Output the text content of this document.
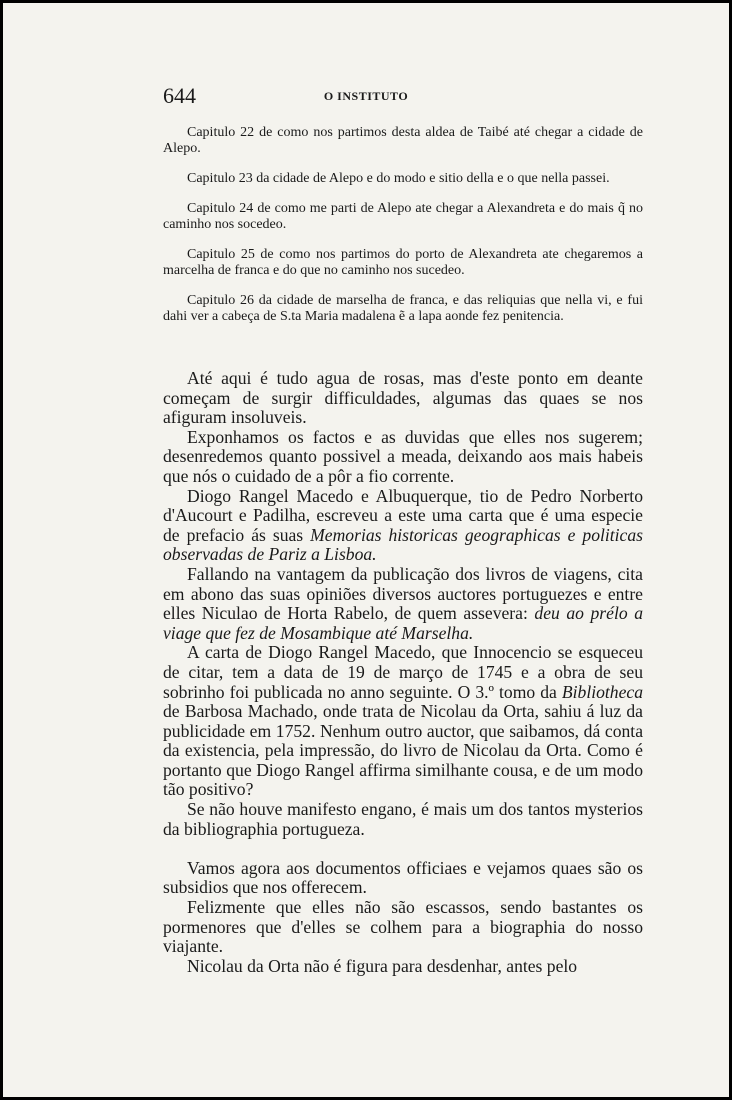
644	O INSTITUTO

Capitulo 22 de como nos partimos desta aldea de Taibé até chegar a cidade de Alepo.

Capitulo 23 da cidade de Alepo e do modo e sitio della e o que nella passei.

Capitulo 24 de como me parti de Alepo ate chegar a Alexandreta e do mais q̃ no caminho nos socedeo.

Capitulo 25 de como nos partimos do porto de Alexandreta ate chegaremos a marcelha de franca e do que no caminho nos sucedeo.

Capitulo 26 da cidade de marselha de franca, e das reliquias que nella vi, e fui dahi ver a cabeça de S.ta Maria madalena ẽ a lapa aonde fez penitencia.

Até aqui é tudo agua de rosas, mas d'este ponto em deante começam de surgir difficuldades, algumas das quaes se nos afiguram insoluveis.

Exponhamos os factos e as duvidas que elles nos sugerem; desenredemos quanto possivel a meada, deixando aos mais habeis que nós o cuidado de a pôr a fio corrente.

Diogo Rangel Macedo e Albuquerque, tio de Pedro Norberto d'Aucourt e Padilha, escreveu a este uma carta que é uma especie de prefacio ás suas Memorias historicas geographicas e politicas observadas de Pariz a Lisboa.

Fallando na vantagem da publicação dos livros de viagens, cita em abono das suas opiniões diversos auctores portuguezes e entre elles Niculao de Horta Rabelo, de quem assevera: deu ao prélo a viage que fez de Mosambique até Marselha.

A carta de Diogo Rangel Macedo, que Innocencio se esqueceu de citar, tem a data de 19 de março de 1745 e a obra de seu sobrinho foi publicada no anno seguinte. O 3.º tomo da Bibliotheca de Barbosa Machado, onde trata de Nicolau da Orta, sahiu á luz da publicidade em 1752. Nenhum outro auctor, que saibamos, dá conta da existencia, pela impressão, do livro de Nicolau da Orta. Como é portanto que Diogo Rangel affirma similhante cousa, e de um modo tão positivo?

Se não houve manifesto engano, é mais um dos tantos mysterios da bibliographia portugueza.

Vamos agora aos documentos officiaes e vejamos quaes são os subsidios que nos offerecem.

Felizmente que elles não são escassos, sendo bastantes os pormenores que d'elles se colhem para a biographia do nosso viajante.

Nicolau da Orta não é figura para desdenhar, antes pelo
